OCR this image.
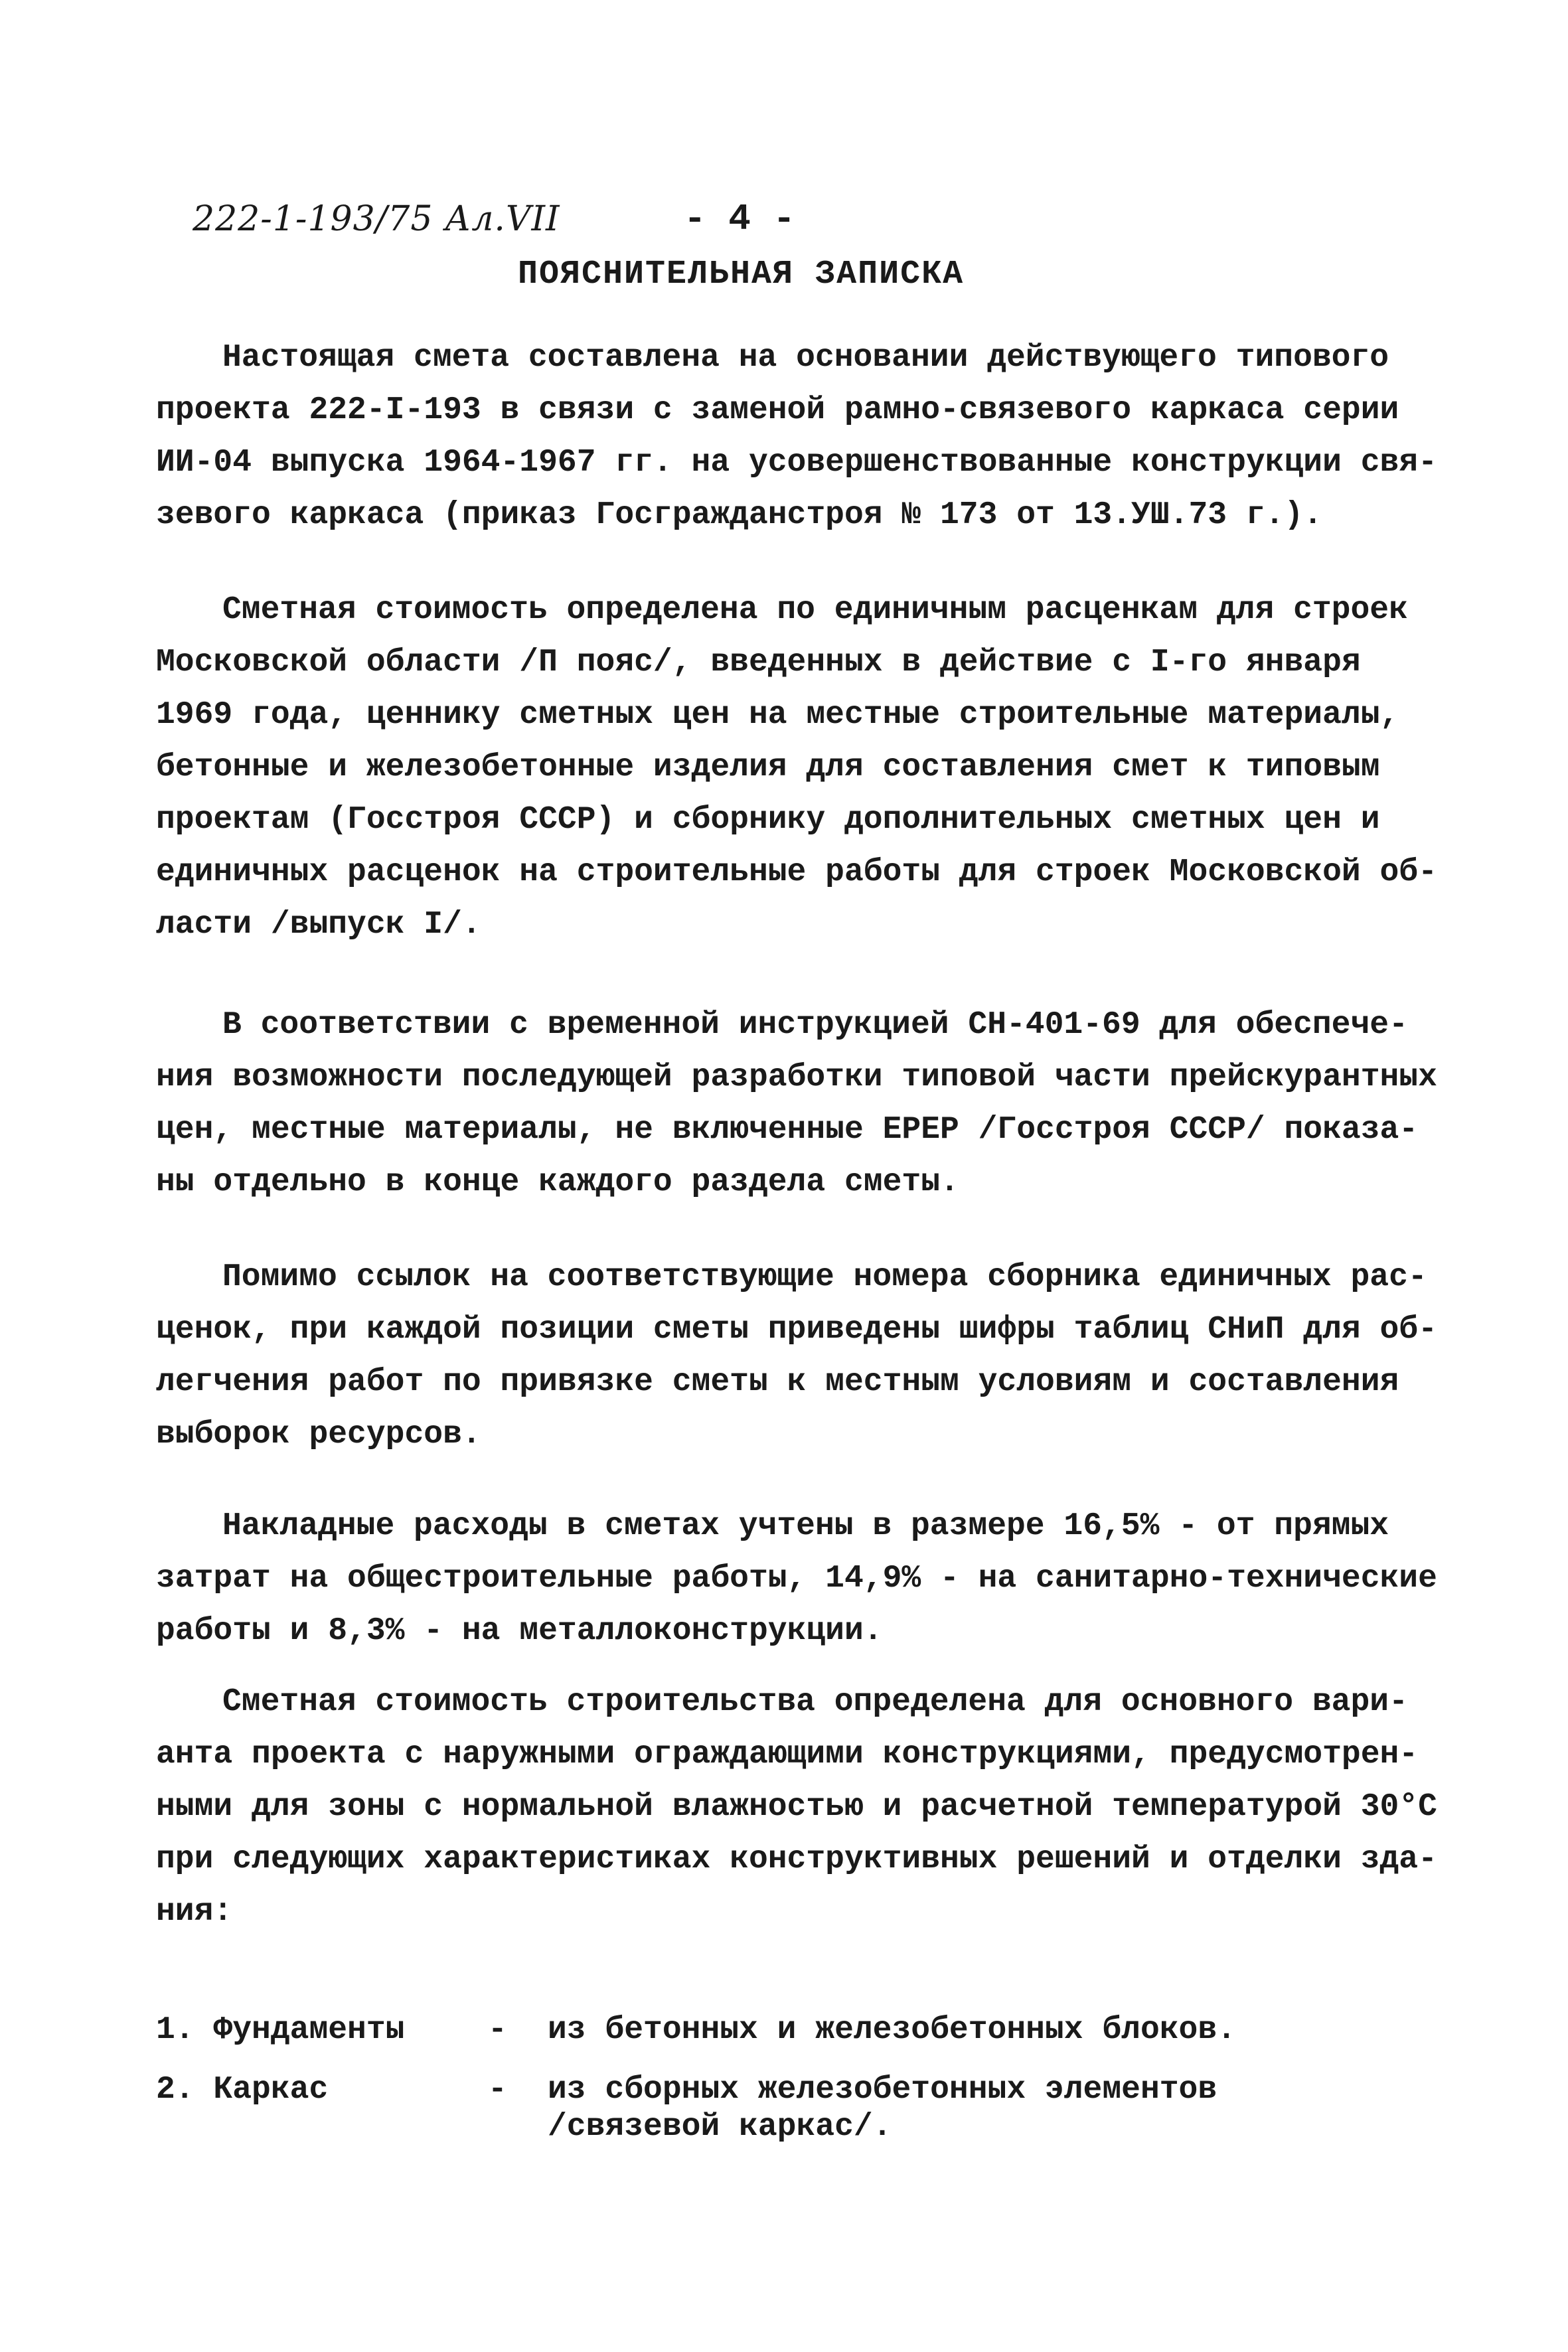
222-1-193/75 Ал.VII	- 4 -
ПОЯСНИТЕЛЬНАЯ ЗАПИСКА
Настоящая смета составлена на основании действующего типового
проекта 222-I-193 в связи с заменой рамно-связевого каркаса серии
ИИ-04 выпуска 1964-1967 гг. на усовершенствованные конструкции свя-
зевого каркаса (приказ Госгражданстроя № 173 от 13.УШ.73 г.).
Сметная стоимость определена по единичным расценкам для строек
Московской области /П пояс/, введенных в действие с I-го января
1969 года, ценнику сметных цен на местные строительные материалы,
бетонные и железобетонные изделия для составления смет к типовым
проектам (Госстроя СССР) и сборнику дополнительных сметных цен и
единичных расценок на строительные работы для строек Московской об-
ласти /выпуск I/.
В соответствии с временной инструкцией СН-401-69 для обеспече-
ния возможности последующей разработки типовой части прейскурантных
цен, местные материалы, не включенные ЕРЕР /Госстроя СССР/ показа-
ны отдельно в конце каждого раздела сметы.
Помимо ссылок на соответствующие номера сборника единичных рас-
ценок, при каждой позиции сметы приведены шифры таблиц СНиП для об-
легчения работ по привязке сметы к местным условиям и составления
выборок ресурсов.
Накладные расходы в сметах учтены в размере 16,5% - от прямых
затрат на общестроительные работы, 14,9% - на санитарно-технические
работы и 8,3% - на металлоконструкции.
Сметная стоимость строительства определена для основного вари-
анта проекта с наружными ограждающими конструкциями, предусмотрен-
ными для зоны с нормальной влажностью и расчетной температурой 30°С
при следующих характеристиках конструктивных решений и отделки зда-
ния:
1. Фундаменты	- из бетонных и железобетонных блоков.
2. Каркас	- из сборных железобетонных элементов
/связевой каркас/.
